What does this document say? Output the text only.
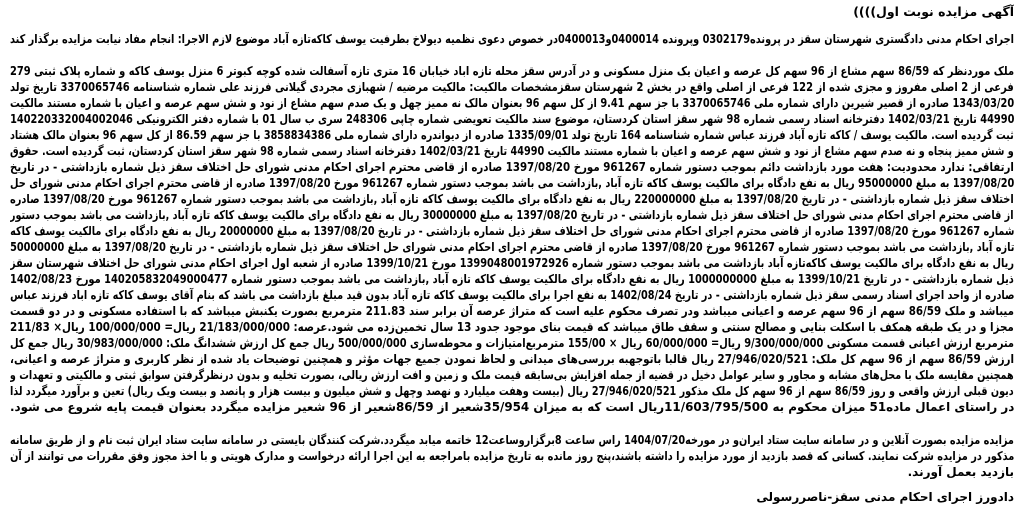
آگهی مزایده نوبت اول))))
اجرای احکام مدنی دادگستری شهرستان سقز در پرونده0302179 وپرونده 0400014و0400013در خصوص دعوی نظمیه دیولاخ بطرفیت یوسف کاکه‌تازه آباد موضوع لازم الاجرا: انجام مفاد نیابت مزایده برگذار کند
ملک موردنظر که 86/59 سهم مشاع از 96 سهم کل عرصه و اعیان یک منزل مسکونی و در آدرس سقز محله تازه اباد خیابان 16 متری تازه آسفالت شده کوچه کبوتر 6 منزل یوسف کاکه و شماره پلاک ثبتی 279
فرعی از 2 اصلی مفروز و مجزی شده از 122 فرعی از اصلی واقع در بخش 2 شهرستان سقزمشخصات مالکیت: مالکیت مرضیه / شهبازی مجردی گیلانی فرزند علی شماره شناسنامه 3370065746 تاریخ تولد
1343/03/20 صادره از قصیر شیرین دارای شماره ملی 3370065746 با جز سهم 9.41 از کل سهم 96 بعنوان مالک نه ممیز چهل و یک صدم سهم مشاع از نود و شش سهم عرصه و اعیان با شماره مستند مالکیت
44990 تاریخ 1402/03/21 دفترخانه اسناد رسمی شماره 98 شهر سقز استان کردستان، موضوع سند مالکیت تعویضی شماره چاپی 248306 سری ب سال 01 با شماره دفتر الکترونیکی 140220332004002046
ثبت گردیده است. مالکیت یوسف / کاکه تازه آباد فرزند عباس شماره شناسنامه 164 تاریخ تولد 1335/09/01 صادره از دیواندره دارای شماره ملی 3858834386 با جز سهم 86.59 از کل سهم 96 بعنوان مالک هشتاد
و شش ممیز پنجاه و نه صدم سهم مشاع از نود و شش سهم عرصه و اعیان با شماره مستند مالکیت 44990 تاریخ 1402/03/21 دفترخانه اسناد رسمی شماره 98 شهر سقز استان کردستان، ثبت گردیده است. حقوق
ارتفاقی: ندارد محدودیت: هفت مورد بازداشت دائم بموجب دستور شماره 961267 مورخ 1397/08/20 صادره از قاضی محترم اجرای احکام مدنی شورای حل اختلاف سقز ذیل شماره بازداشتی - در تاریخ
1397/08/20 به مبلغ 95000000 ریال به نفع دادگاه برای مالکیت یوسف کاکه تازه آباد ,بازداشت می باشد بموجب دستور شماره 961267 مورخ 1397/08/20 صادره از قاضی محترم اجرای احکام مدنی شورای حل
اختلاف سقز ذیل شماره بازداشتی - در تاریخ 1397/08/20 به مبلغ 220000000 ریال به نفع دادگاه برای مالکیت یوسف کاکه تازه آباد ,بازداشت می باشد بموجب دستور شماره 961267 مورخ 1397/08/20 صادره
از قاضی محترم اجرای احکام مدنی شورای حل اختلاف سقز ذیل شماره بازداشتی - در تاریخ 1397/08/20 به مبلغ 30000000 ریال به نفع دادگاه برای مالکیت یوسف کاکه تازه آباد ,بازداشت می باشد بموجب دستور
شماره 961267 مورخ 1397/08/20 صادره از قاضی محترم اجرای احکام مدنی شورای حل اختلاف سقز ذیل شماره بازداشتی - در تاریخ 1397/08/20 به مبلغ 20000000 ریال به نفع دادگاه برای مالکیت یوسف کاکه
تازه آباد ,بازداشت می باشد بموجب دستور شماره 961267 مورخ 1397/08/20 صادره از قاضی محترم اجرای احکام مدنی شورای حل اختلاف سقز ذیل شماره بازداشتی - در تاریخ 1397/08/20 به مبلغ 50000000
ریال به نفع دادگاه برای مالکیت یوسف کاکه‌تازه آباد بازداشت می باشد بموجب دستور شماره 1399048001972926 مورخ 1399/10/21 صادره از شعبه اول اجرای احکام مدنی شورای حل اختلاف شهرستان سقز
ذیل شماره بازداشتی - در تاریخ 1399/10/21 به مبلغ 1000000000 ریال به نفع دادگاه برای مالکیت یوسف کاکه تازه آباد ,بازداشت می باشد بموجب دستور شماره 140205832049000477 مورخ 1402/08/23
صادره از واحد اجرای اسناد رسمی سقز ذیل شماره بازداشتی - در تاریخ 1402/08/24 به نفع اجرا برای مالکیت یوسف کاکه تازه آباد بدون قید مبلغ بازداشت می باشد که بنام آقای یوسف کاکه تازه اباد فرزند عباس
میباشد و ملک 86/59 سهم از 96 سهم عرصه و اعیانی میباشد ودر تصرف محکوم علیه است که متراژ عرصه آن برابر سند 211.83 مترمربع بصورت یکنبش میباشد که با استفاده مسکونی و در دو قسمت
مجزا و در یک طبقه همکف با اسکلت بنایی و مصالح سنتی و سقف طاق میباشد که قیمت بنای موجود جدود 13 سال تخمین‌زده می شود.عرصه: 21/183/000/000 ریال= 100/000/000 ریال× 211/83
مترمربع ارزش اعیانی قسمت مسکونی 9/300/000/000 ریال= 60/000/000 ریال × 155/00 مترمربع‌امتیازات و محوطه‌سازی 500/000/000 ریال جمع کل ارزش ششدانگ ملک: 30/983/000/000 ریال جمع کل
ارزش 86/59 سهم از 96 سهم کل ملک: 27/946/020/521 ریال قالبا باتوجهبه بررسی‌های میدانی و لحاظ نمودن جمیع جهات مؤثر و همچنین توضیحات یاد شده از نظر کاربری و متراژ عرصه و اعیانی،
همچنین مقایسه ملک با محل‌های مشابه و مجاور و سایر عوامل دخیل در قضیه از جمله افزایش بی‌سابقه قیمت ملک و زمین و افت ارزش ریالی، بصورت تخلیه و بدون درنظرگرفتن سوابق ثبتی و مالکیتی و تعهدات و
دیون قبلی ارزش واقعی و روز 86/59 سهم از 96 سهم کل ملک مذکور 27/946/020/521 ریال (بیست وهفت میلیارد و نهصد وچهل و شش میلیون و بیست هزار و پانصد و بیست ویک ریال) تعین و برآورد میگردد لذا
در راستای اعمال ماده51 میزان محکوم به 11/603/795/500ریال است که به میزان 35/954شعیر از 86/59شعیر از 96 شعیر مزایده میگردد بعنوان قیمت پایه شروع می شود.
مزایده مزایده بصورت آنلاین و در سامانه سایت ستاد ایران‌و در مورخه1404/07/20 راس ساعت 8برگزارو‌ساعت12 خاتمه میابد میگردد.شرکت کنندگان بایستی در سامانه سایت ستاد ایران ثبت نام و از طریق سامانه
مذکور در مزایده شرکت نمایند. کسانی که قصد بازدید از مورد مزایده را داشته باشند،پنج روز مانده به تاریخ مزایده بامراجعه به این اجرا ارائه درخواست و مدارک هویتی و با اخذ مجوز وفق مقررات می توانند از آن
بازدید بعمل آورند.
دادورز اجرای احکام مدنی سقز-ناصررسولی
